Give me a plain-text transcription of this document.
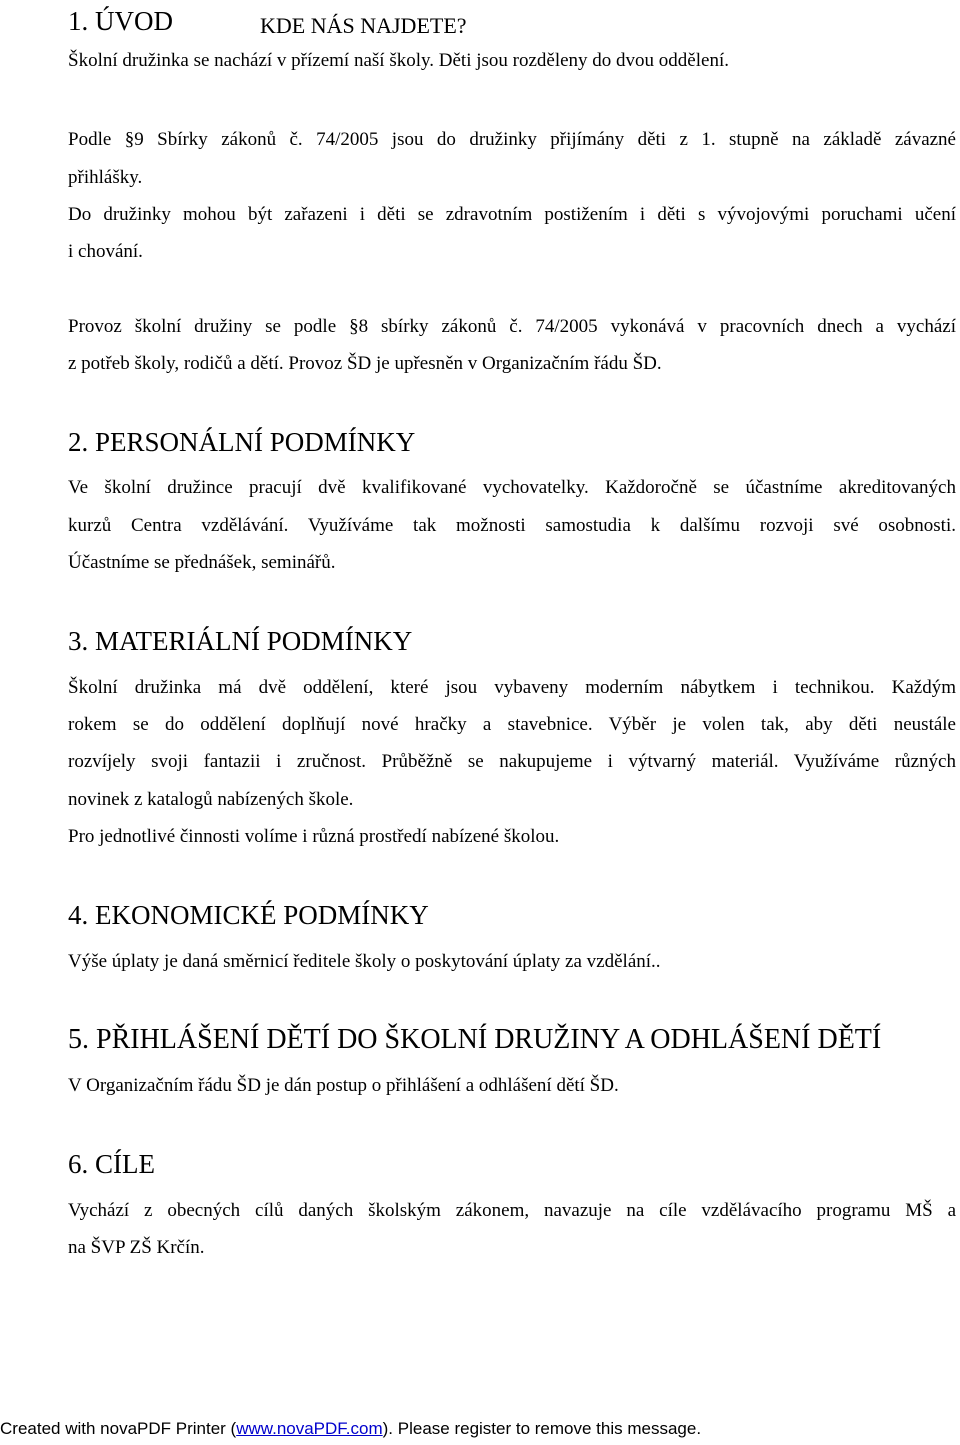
1. ÚVOD	KDE NÁS NAJDETE?
Školní družinka se nachází v přízemí naší školy. Děti jsou rozděleny do dvou oddělení.
Podle §9 Sbírky zákonů č. 74/2005 jsou do družinky přijímány děti z 1. stupně na základě závazné
přihlášky.
Do družinky mohou být zařazeni i děti se zdravotním postižením i děti s vývojovými poruchami učení
i chování.
Provoz školní družiny se podle §8 sbírky zákonů č. 74/2005 vykonává v pracovních dnech a vychází
z potřeb školy, rodičů a dětí. Provoz ŠD je upřesněn v Organizačním řádu ŠD.
2. PERSONÁLNÍ PODMÍNKY
Ve školní družince pracují dvě kvalifikované vychovatelky. Každoročně se účastníme akreditovaných
kurzů Centra vzdělávání. Využíváme tak možnosti samostudia k dalšímu rozvoji své osobnosti.
Účastníme se přednášek, seminářů.
3. MATERIÁLNÍ PODMÍNKY
Školní družinka má dvě oddělení, které jsou vybaveny moderním nábytkem i technikou. Každým
rokem se do oddělení doplňují nové hračky a stavebnice. Výběr je volen tak, aby děti neustále
rozvíjely svoji fantazii i zručnost. Průběžně se nakupujeme i výtvarný materiál. Využíváme různých
novinek z katalogů nabízených škole.
Pro jednotlivé činnosti volíme i různá prostředí nabízené školou.
4. EKONOMICKÉ PODMÍNKY
Výše úplaty je daná směrnicí ředitele školy o poskytování úplaty za vzdělání..
5. PŘIHLÁŠENÍ DĚTÍ DO ŠKOLNÍ DRUŽINY A ODHLÁŠENÍ DĚTÍ
V Organizačním řádu ŠD je dán postup o přihlášení a odhlášení dětí ŠD.
6. CÍLE
Vychází z obecných cílů daných školským zákonem, navazuje na cíle vzdělávacího programu MŠ a
na ŠVP ZŠ Krčín.
Created with novaPDF Printer (www.novaPDF.com). Please register to remove this message.
